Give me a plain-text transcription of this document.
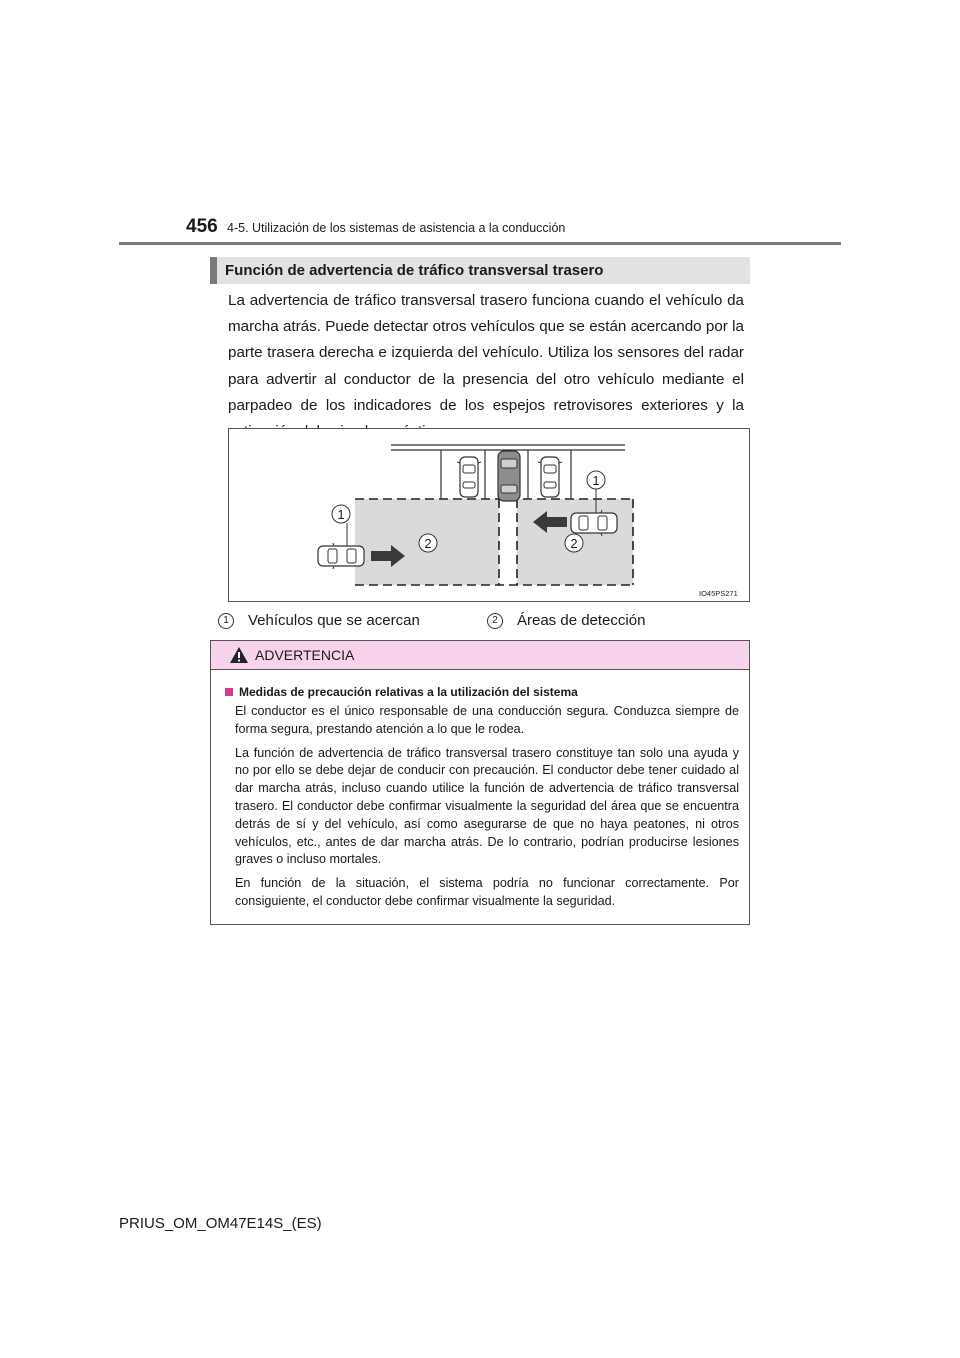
456 4-5. Utilización de los sistemas de asistencia a la conducción
Función de advertencia de tráfico transversal trasero

La advertencia de tráfico transversal trasero funciona cuando el vehículo da marcha atrás. Puede detectar otros vehículos que se están acercando por la parte trasera derecha e izquierda del vehículo. Utiliza los sensores del radar para advertir al conductor de la presencia del otro vehículo mediante el parpadeo de los indicadores de los espejos retrovisores exteriores y la

1
1
2	2
IO45PS271
1 Vehículos que se acercan	2 Áreas de detección
ADVERTENCIA
Medidas de precaución relativas a la utilización del sistema

El conductor es el único responsable de una conducción segura. Conduzca siempre de forma segura, prestando atención a lo que le rodea.

La función de advertencia de tráfico transversal trasero constituye tan solo una ayuda y no por ello se debe dejar de conducir con precaución. El conductor debe tener cuidado al dar marcha atrás, incluso cuando utilice la función de advertencia de tráfico transversal trasero. El conductor debe confirmar visualmente la seguridad del área que se encuentra detrás de sí y del vehículo, así como asegurarse de que no haya peatones, ni otros vehículos, etc., antes de dar marcha atrás. De lo contrario, podrían producirse lesiones graves o incluso mortales.

En función de la situación, el sistema podría no funcionar correctamente. Por consiguiente, el conductor debe confirmar visualmente la seguridad.

PRIUS_OM_OM47E14S_(ES)
